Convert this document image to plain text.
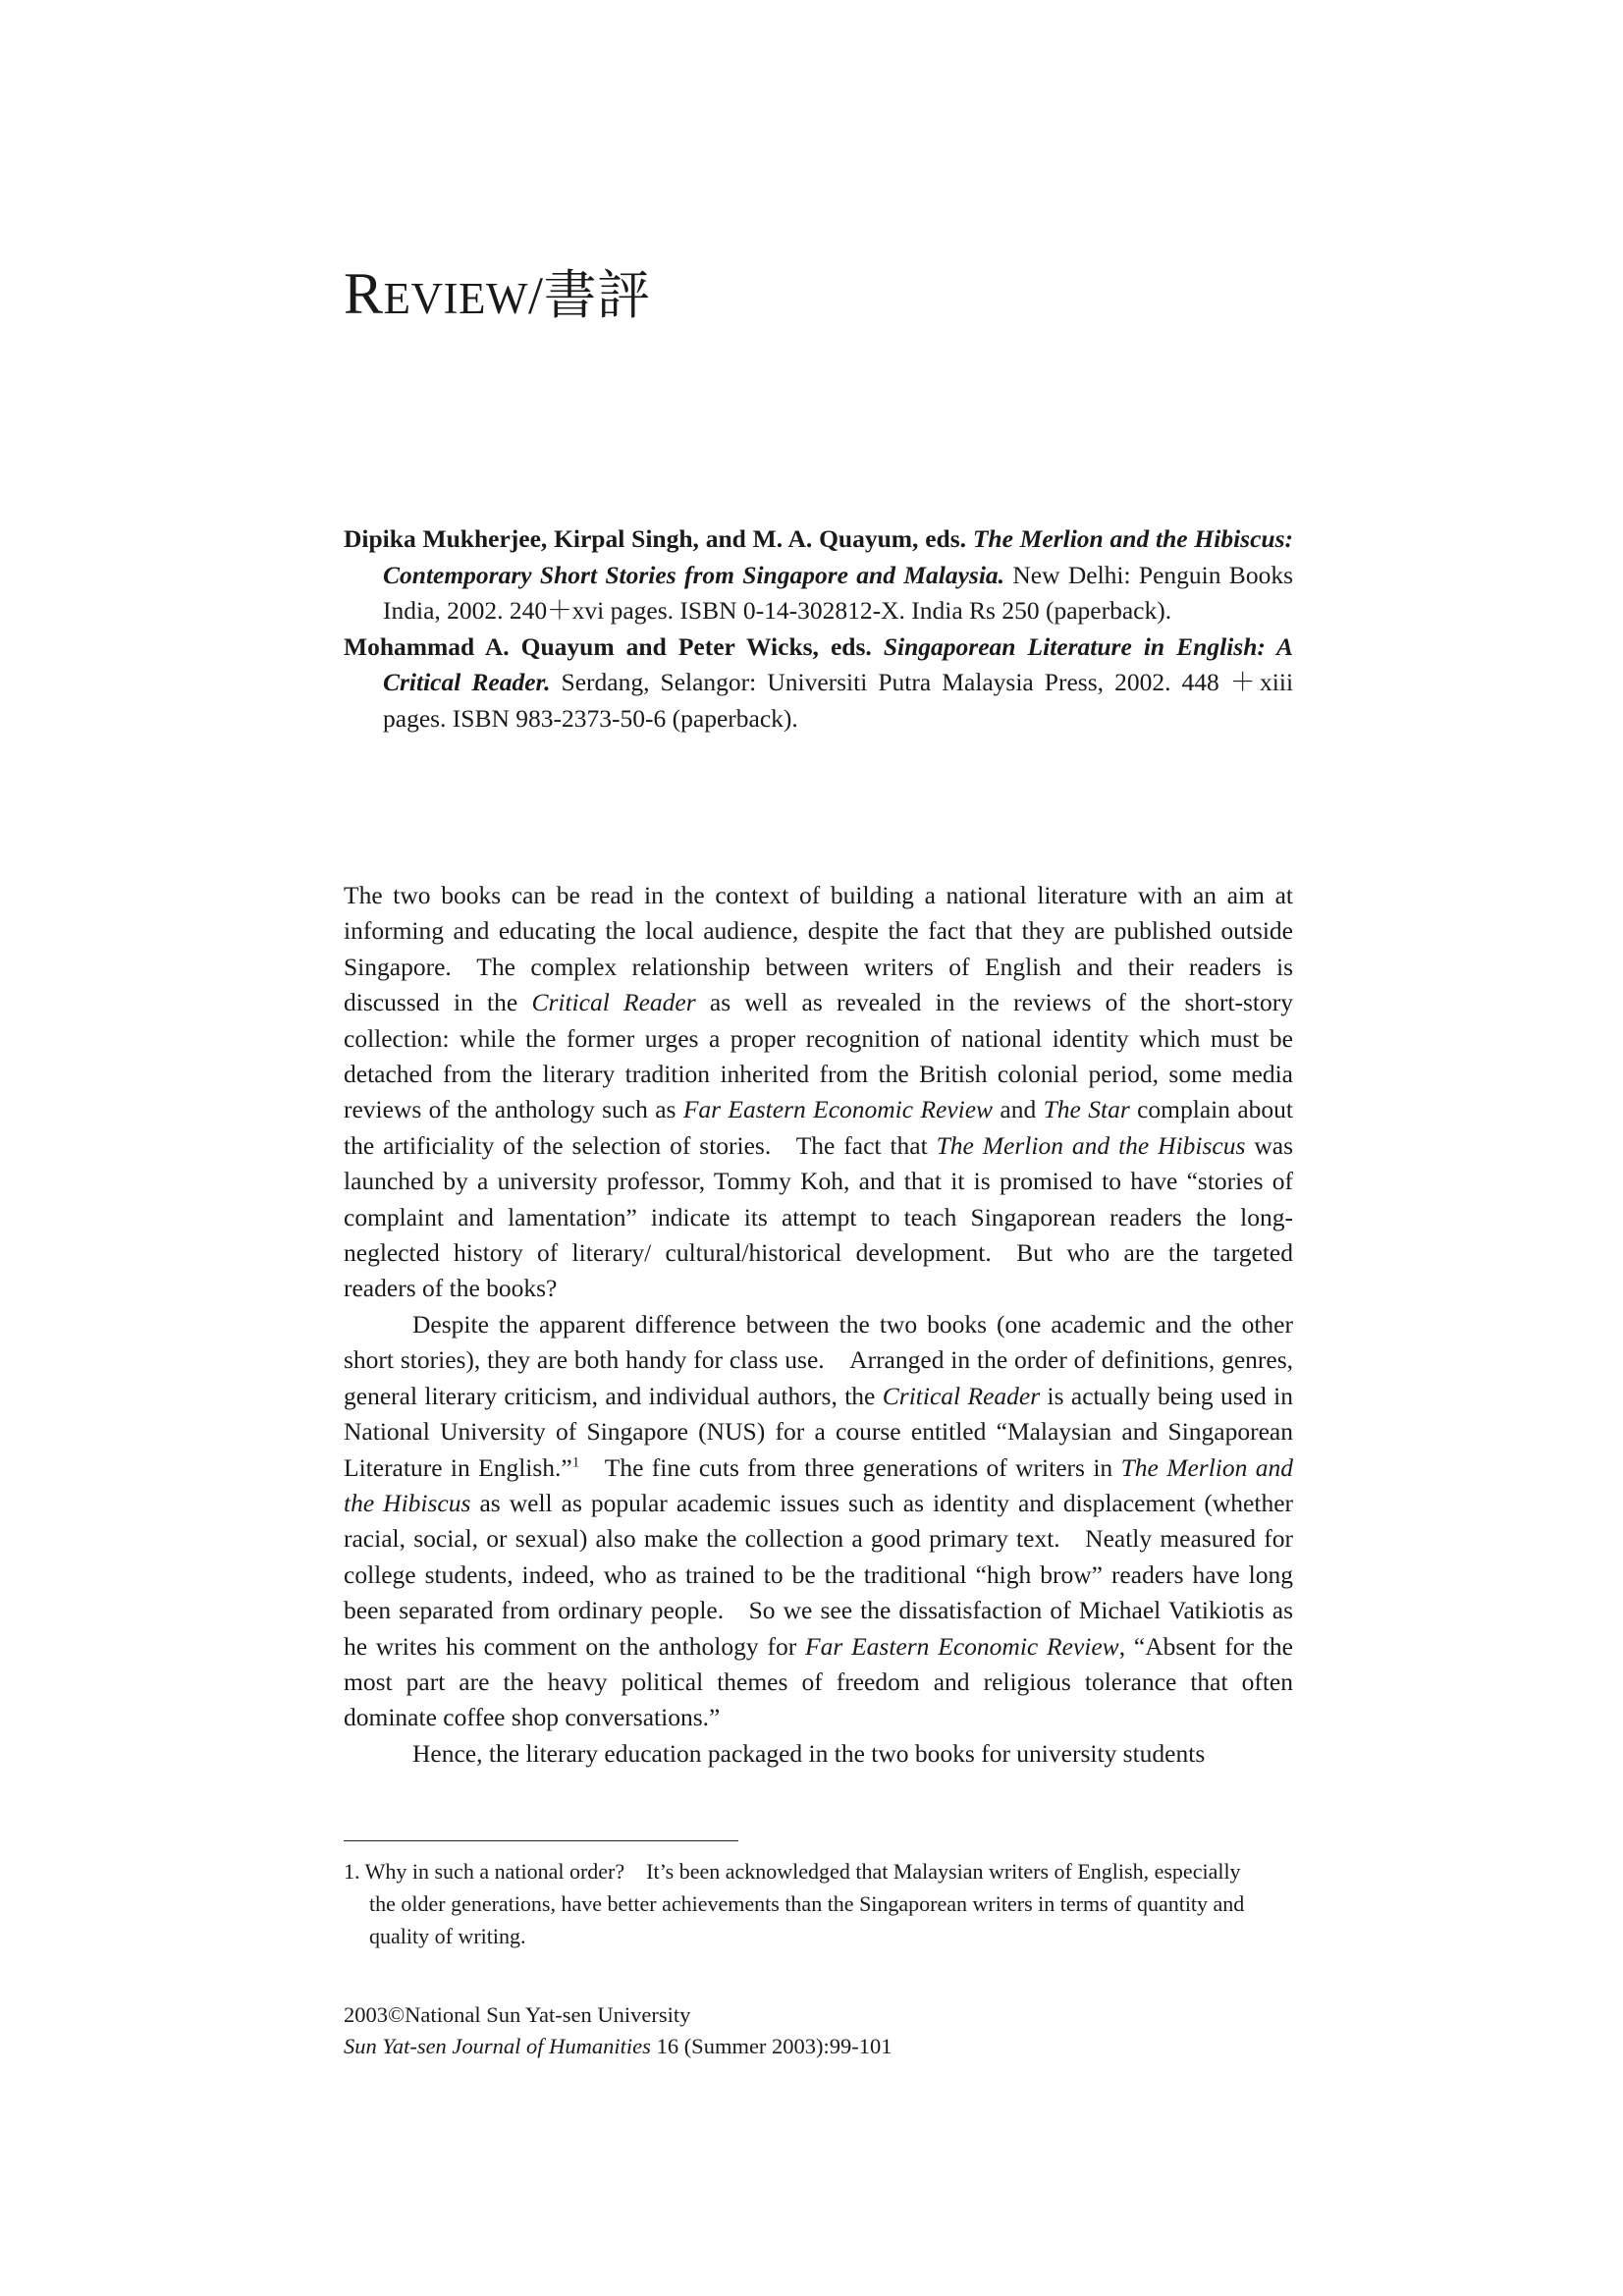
REVIEW/書評

Dipika Mukherjee, Kirpal Singh, and M. A. Quayum, eds. The Merlion and the Hibiscus: Contemporary Short Stories from Singapore and Malaysia. New Delhi: Penguin Books India, 2002. 240＋xvi pages. ISBN 0-14-302812-X. India Rs 250 (paperback).

Mohammad A. Quayum and Peter Wicks, eds. Singaporean Literature in English: A Critical Reader. Serdang, Selangor: Universiti Putra Malaysia Press, 2002. 448 ＋xiii pages. ISBN 983-2373-50-6 (paperback).

The two books can be read in the context of building a national literature with an aim at informing and educating the local audience, despite the fact that they are published outside Singapore. The complex relationship between writers of English and their readers is discussed in the Critical Reader as well as revealed in the reviews of the short-story collection: while the former urges a proper recognition of national identity which must be detached from the literary tradition inherited from the British colonial period, some media reviews of the anthology such as Far Eastern Economic Review and The Star complain about the artificiality of the selection of stories. The fact that The Merlion and the Hibiscus was launched by a university professor, Tommy Koh, and that it is promised to have “stories of complaint and lamentation” indicate its attempt to teach Singaporean readers the long-neglected history of literary/ cultural/historical development. But who are the targeted readers of the books?

Despite the apparent difference between the two books (one academic and the other short stories), they are both handy for class use. Arranged in the order of definitions, genres, general literary criticism, and individual authors, the Critical Reader is actually being used in National University of Singapore (NUS) for a course entitled “Malaysian and Singaporean Literature in English.”$^1$ The fine cuts from three generations of writers in The Merlion and the Hibiscus as well as popular academic issues such as identity and displacement (whether racial, social, or sexual) also make the collection a good primary text. Neatly measured for college students, indeed, who as trained to be the traditional “high brow” readers have long been separated from ordinary people. So we see the dissatisfaction of Michael Vatikiotis as he writes his comment on the anthology for Far Eastern Economic Review, “Absent for the most part are the heavy political themes of freedom and religious tolerance that often dominate coffee shop conversations.”

Hence, the literary education packaged in the two books for university students

1. Why in such a national order? It’s been acknowledged that Malaysian writers of English, especially the older generations, have better achievements than the Singaporean writers in terms of quantity and quality of writing.

2003©National Sun Yat-sen University
Sun Yat-sen Journal of Humanities 16 (Summer 2003):99-101
